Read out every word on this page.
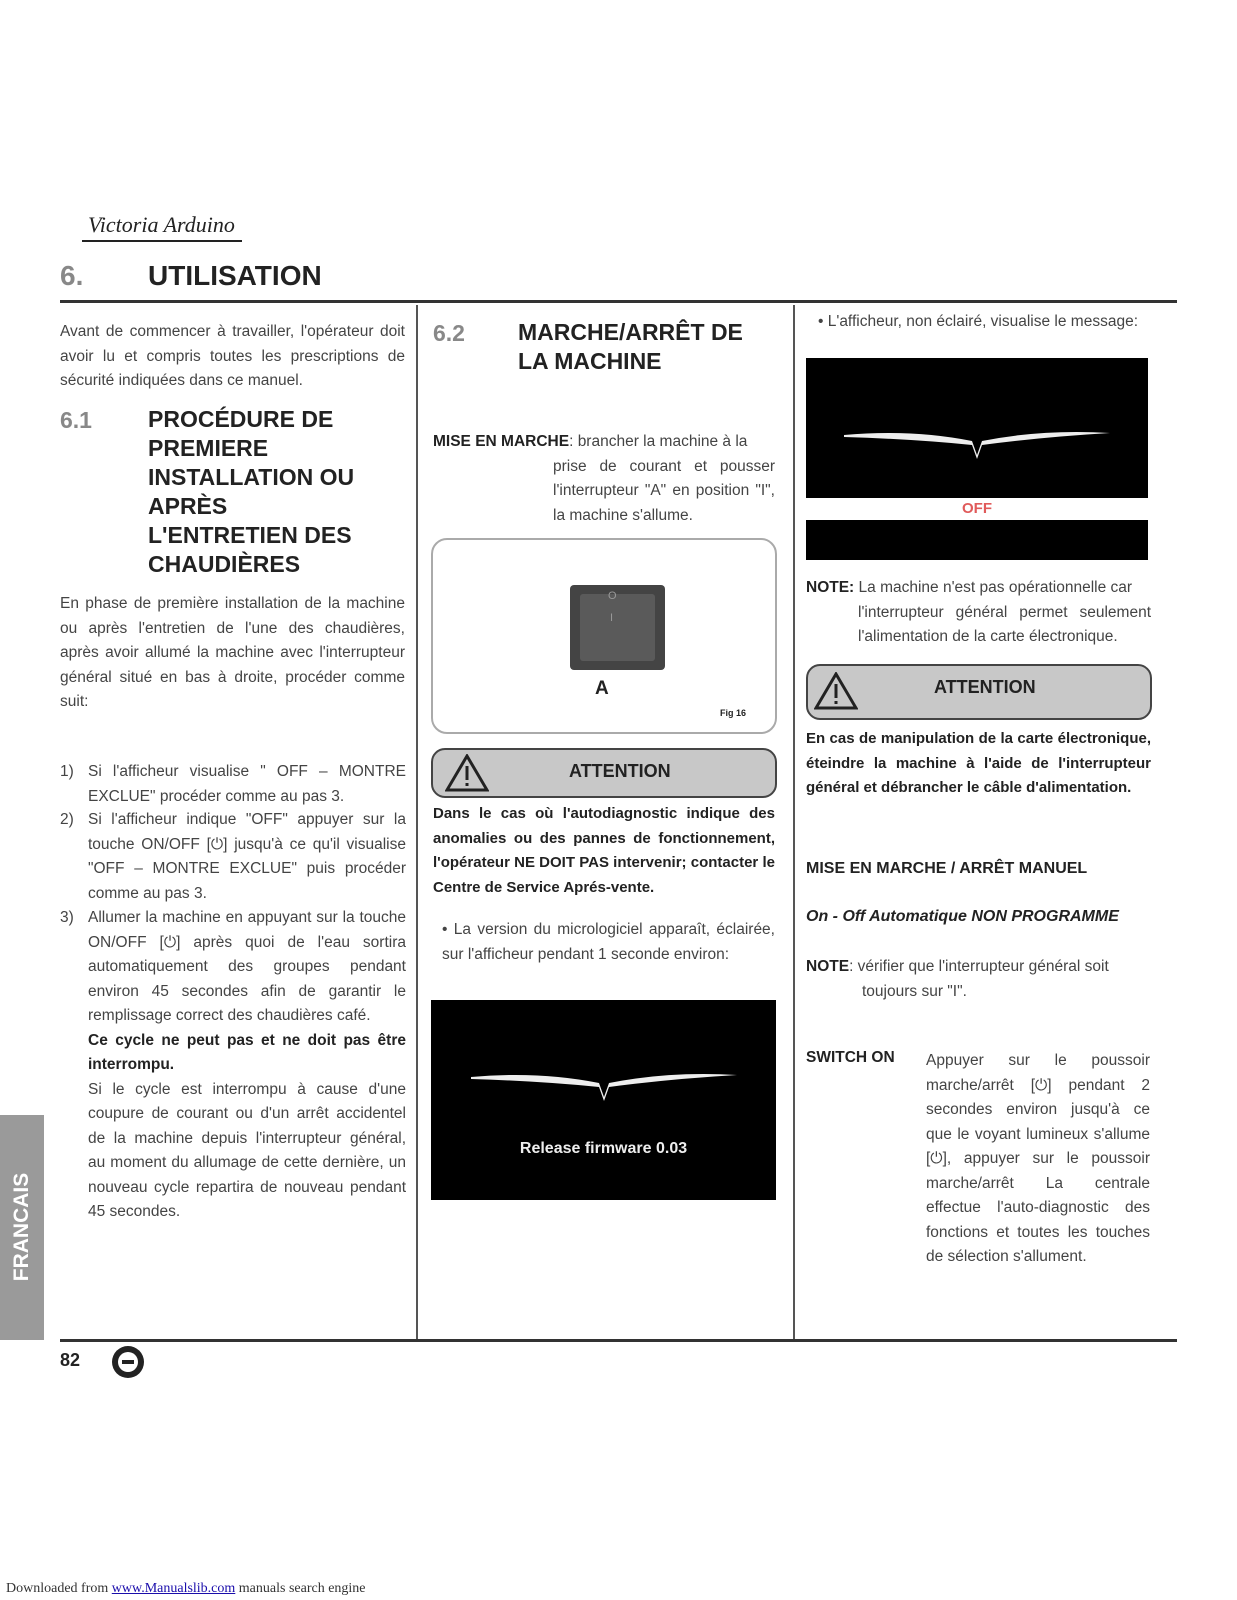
Victoria Arduino
6. UTILISATION

Avant de commencer à travailler, l'opérateur doit avoir lu et compris toutes les prescriptions de sécurité indiquées dans ce manuel.

6.1 PROCÉDURE DE
PREMIERE
INSTALLATION OU
APRÈS
L'ENTRETIEN DES
CHAUDIÈRES

En phase de première installation de la machine ou après l'entretien de l'une des chaudières, après avoir allumé la machine avec l'interrupteur général situé en bas à droite, procéder comme suit:

1) Si l'afficheur visualise " OFF – MONTRE EXCLUE" procéder comme au pas 3.
2) Si l'afficheur indique "OFF" appuyer sur la touche ON/OFF [⏻] jusqu'à ce qu'il visualise "OFF – MONTRE EXCLUE" puis procéder comme au pas 3.
3) Allumer la machine en appuyant sur la touche ON/OFF [⏻] après quoi de l'eau sortira automatiquement des groupes pendant environ 45 secondes afin de garantir le remplissage correct des chaudières café.
Ce cycle ne peut pas et ne doit pas être interrompu.
Si le cycle est interrompu à cause d'une coupure de courant ou d'un arrêt accidentel de la machine depuis l'interrupteur général, au moment du allumage de cette dernière, un nouveau cycle repartira de nouveau pendant 45 secondes.
6.2 MARCHE/ARRÊT DE
LA MACHINE
MISE EN MARCHE: brancher la machine à la
prise de courant et pousser l'interrupteur "A" en position "I", la machine s'allume.
O
I
A
Fig 16
ATTENTION

Dans le cas où l'autodiagnostic indique des anomalies ou des pannes de fonctionnement, l'opérateur NE DOIT PAS intervenir; contacter le Centre de Service Aprés-vente.

• La version du micrologiciel apparaît, éclairée, sur l'afficheur pendant 1 seconde environ:

Release firmware 0.03

• L'afficheur, non éclairé, visualise le message:

OFF
NOTE: La machine n'est pas opérationnelle car
l'interrupteur général permet seulement l'alimentation de la carte électronique.
ATTENTION

En cas de manipulation de la carte électronique, éteindre la machine à l'aide de l'interrupteur général et débrancher le câble d'alimentation.

MISE EN MARCHE / ARRÊT MANUEL
On - Off Automatique NON PROGRAMME
NOTE: vérifier que l'interrupteur général soit
toujours sur "I".
SWITCH ON Appuyer sur le poussoir marche/arrêt [⏻] pendant 2 secondes environ jusqu'à ce que le voyant lumineux s'allume [⏻], appuyer sur le poussoir marche/arrêt La centrale effectue l'auto-diagnostic des fonctions et toutes les touches de sélection s'allument.

82
FRANCAIS
Downloaded from www.Manualslib.com manuals search engine
